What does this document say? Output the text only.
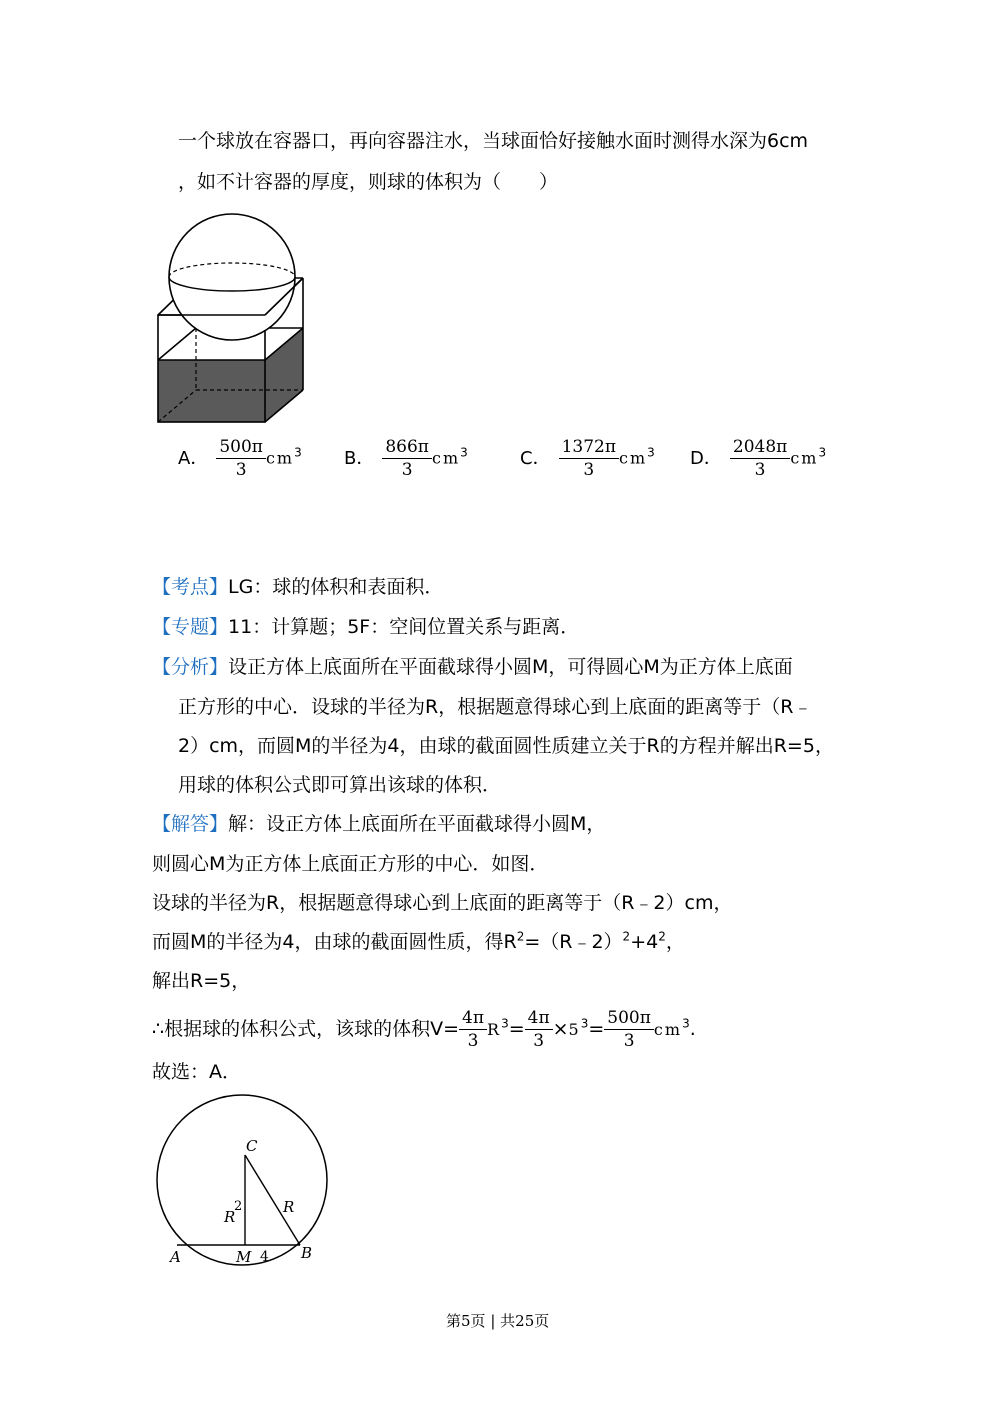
一个球放在容器口，再向容器注水，当球面恰好接触水面时测得水深为6cm
，如不计容器的厚度，则球的体积为（　　）
A． $\frac{500\pi}{3} cm^3$ B． $\frac{866\pi}{3} cm^3$	C． $\frac{1372\pi}{3} cm^3$ D． $\frac{2048\pi}{3} cm^3$
【考点】LG：球的体积和表面积．
【专题】11：计算题；5F：空间位置关系与距离．
【分析】设正方体上底面所在平面截球得小圆M，可得圆心M为正方体上底面
正方形的中心．设球的半径为R，根据题意得球心到上底面的距离等于（R﹣
2）cm，而圆M的半径为4，由球的截面圆性质建立关于R的方程并解出R=5，
用球的体积公式即可算出该球的体积．
【解答】解：设正方体上底面所在平面截球得小圆M，
则圆心M为正方体上底面正方形的中心．如图．
设球的半径为R，根据题意得球心到上底面的距离等于（R﹣2）cm，
而圆M的半径为4，由球的截面圆性质，得$R^2=(R﹣2)^2+4^2$，
解出R=5，
∴根据球的体积公式，该球的体积$V= \frac{4\pi}{3} R^3= \frac{4\pi}{3} \times 5^3= \frac{500\pi}{3} cm^3$.
故选：A．
C
R
R
2
A	M 4 B
第5页 | 共25页
